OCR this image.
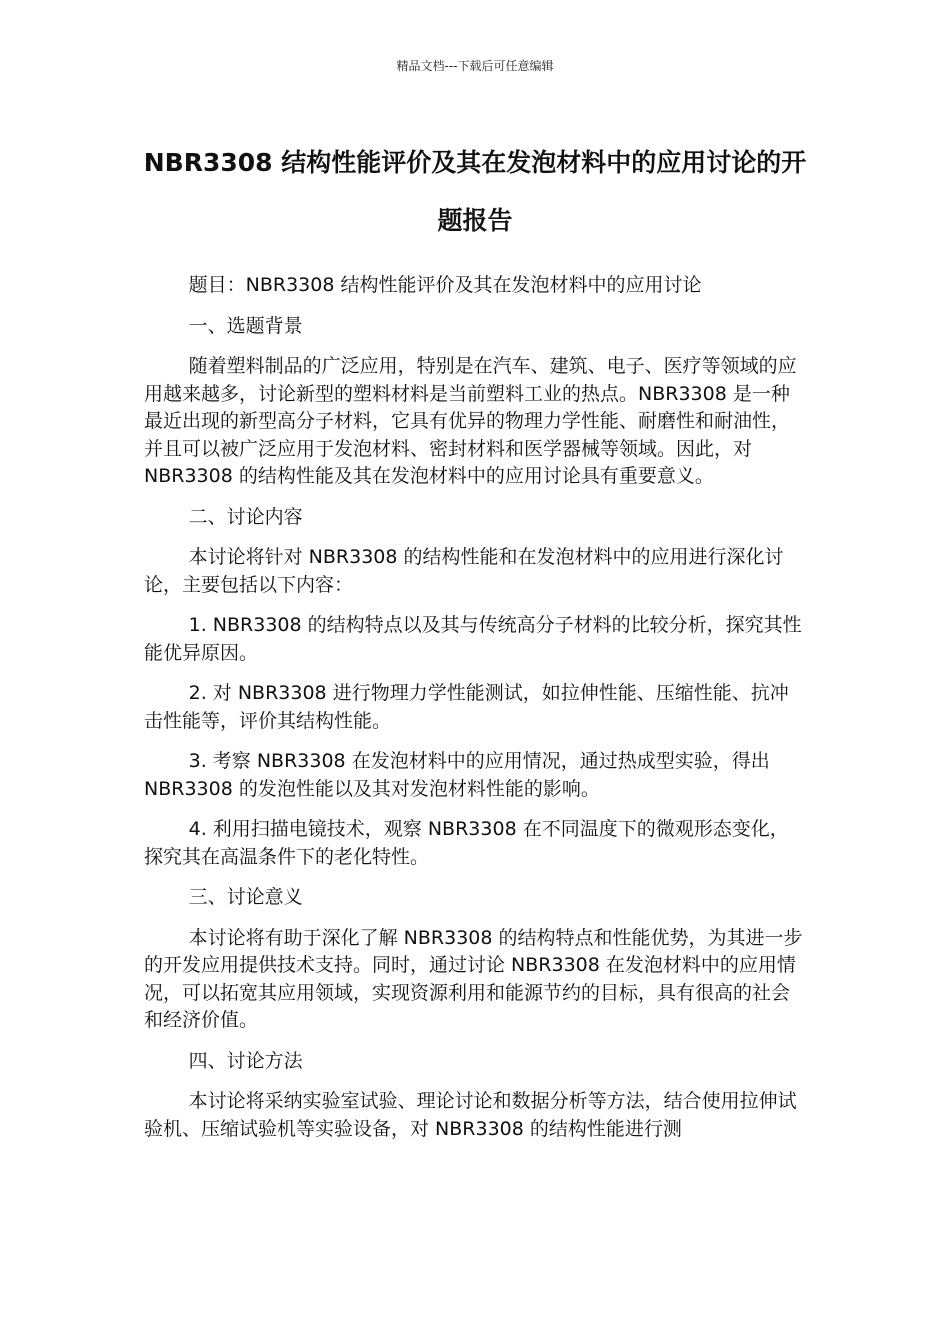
精品文档---下载后可任意编辑
NBR3308 结构性能评价及其在发泡材料中的应用讨论的开题报告

题目：NBR3308 结构性能评价及其在发泡材料中的应用讨论

一、选题背景

随着塑料制品的广泛应用，特别是在汽车、建筑、电子、医疗等领域的应用越来越多，讨论新型的塑料材料是当前塑料工业的热点。NBR3308 是一种最近出现的新型高分子材料，它具有优异的物理力学性能、耐磨性和耐油性，并且可以被广泛应用于发泡材料、密封材料和医学器械等领域。因此，对 NBR3308 的结构性能及其在发泡材料中的应用讨论具有重要意义。

二、讨论内容

本讨论将针对 NBR3308 的结构性能和在发泡材料中的应用进行深化讨论，主要包括以下内容：

1. NBR3308 的结构特点以及其与传统高分子材料的比较分析，探究其性能优异原因。

2. 对 NBR3308 进行物理力学性能测试，如拉伸性能、压缩性能、抗冲击性能等，评价其结构性能。

3. 考察 NBR3308 在发泡材料中的应用情况，通过热成型实验，得出 NBR3308 的发泡性能以及其对发泡材料性能的影响。

4. 利用扫描电镜技术，观察 NBR3308 在不同温度下的微观形态变化，探究其在高温条件下的老化特性。

三、讨论意义

本讨论将有助于深化了解 NBR3308 的结构特点和性能优势，为其进一步的开发应用提供技术支持。同时，通过讨论 NBR3308 在发泡材料中的应用情况，可以拓宽其应用领域，实现资源利用和能源节约的目标，具有很高的社会和经济价值。

四、讨论方法

本讨论将采纳实验室试验、理论讨论和数据分析等方法，结合使用拉伸试验机、压缩试验机等实验设备，对 NBR3308 的结构性能进行测
